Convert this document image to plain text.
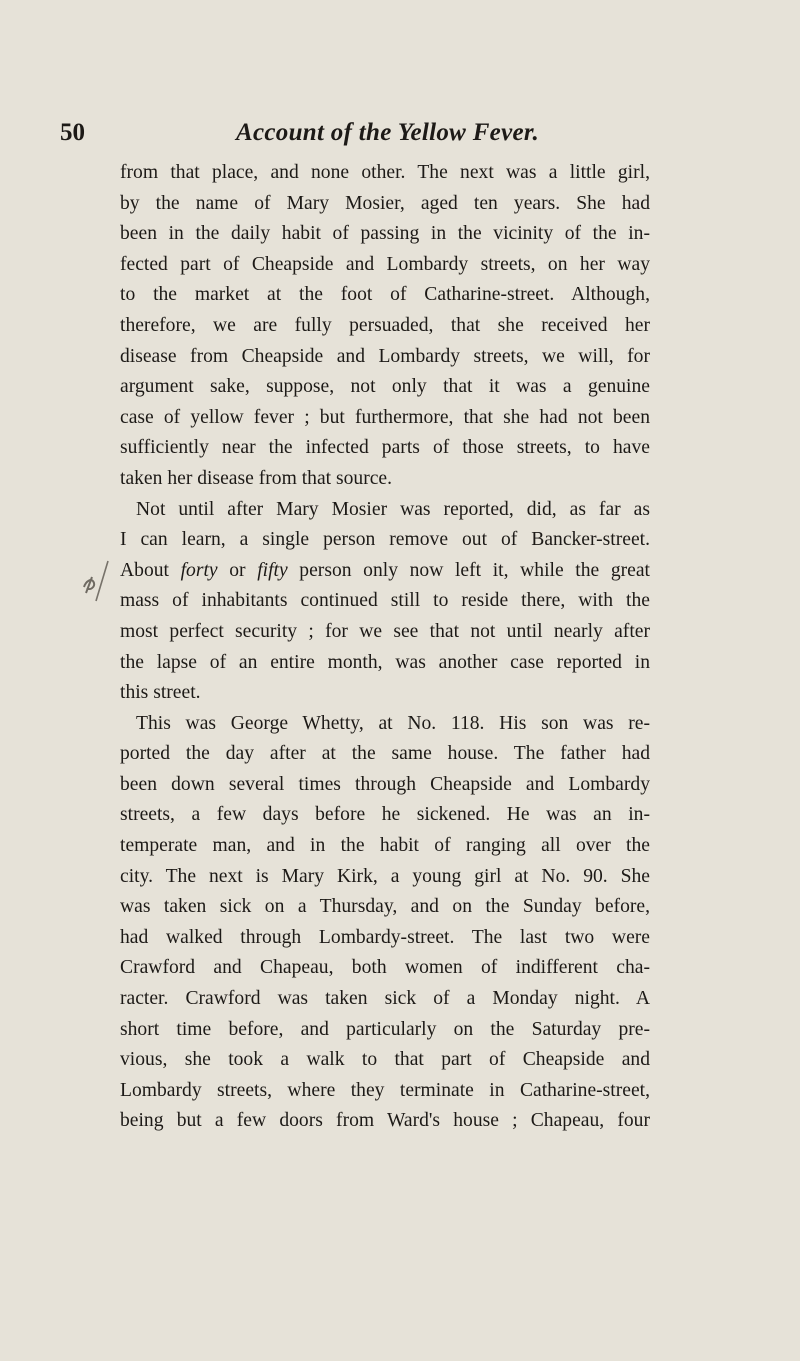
50	Account of the Yellow Fever.
from that place, and none other. The next was a little girl,
by the name of Mary Mosier, aged ten years. She had
been in the daily habit of passing in the vicinity of the in-
fected part of Cheapside and Lombardy streets, on her way
to the market at the foot of Catharine-street. Although,
therefore, we are fully persuaded, that she received her
disease from Cheapside and Lombardy streets, we will, for
argument sake, suppose, not only that it was a genuine
case of yellow fever ; but furthermore, that she had not been
sufficiently near the infected parts of those streets, to have
taken her disease from that source.
Not until after Mary Mosier was reported, did, as far as
I can learn, a single person remove out of Bancker-street.
About forty or fifty person only now left it, while the great
mass of inhabitants continued still to reside there, with the
most perfect security ; for we see that not until nearly after
the lapse of an entire month, was another case reported in
this street.
This was George Whetty, at No. 118. His son was re-
ported the day after at the same house. The father had
been down several times through Cheapside and Lombardy
streets, a few days before he sickened. He was an in-
temperate man, and in the habit of ranging all over the
city. The next is Mary Kirk, a young girl at No. 90. She
was taken sick on a Thursday, and on the Sunday before,
had walked through Lombardy-street. The last two were
Crawford and Chapeau, both women of indifferent cha-
racter. Crawford was taken sick of a Monday night. A
short time before, and particularly on the Saturday pre-
vious, she took a walk to that part of Cheapside and
Lombardy streets, where they terminate in Catharine-street,
being but a few doors from Ward's house ; Chapeau, four
